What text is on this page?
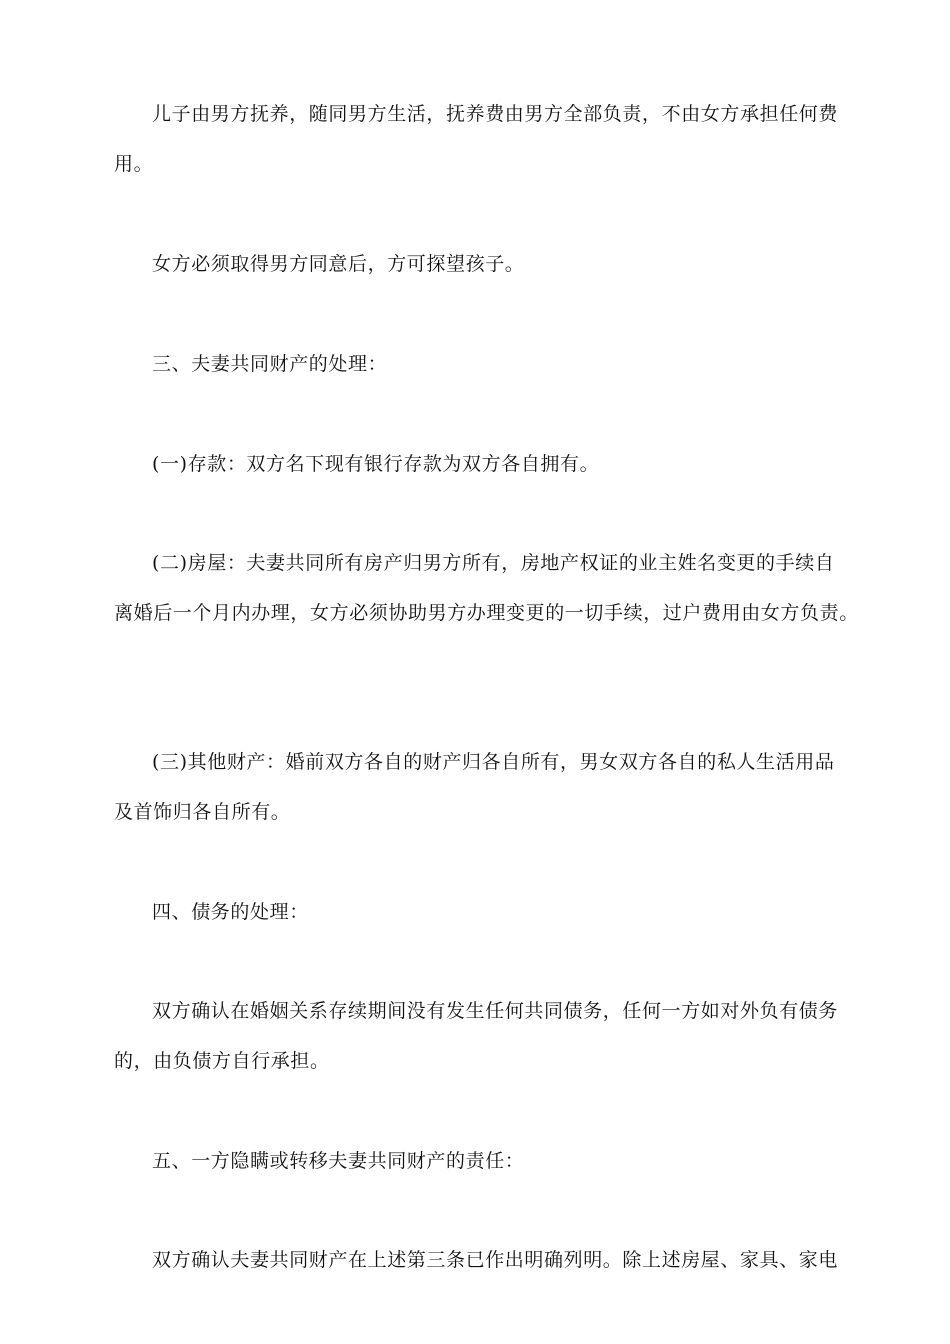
儿子由男方抚养，随同男方生活，抚养费由男方全部负责，不由女方承担任何费
用。
女方必须取得男方同意后，方可探望孩子。
三、夫妻共同财产的处理：
(一)存款：双方名下现有银行存款为双方各自拥有。
(二)房屋：夫妻共同所有房产归男方所有，房地产权证的业主姓名变更的手续自
离婚后一个月内办理，女方必须协助男方办理变更的一切手续，过户费用由女方负责。
(三)其他财产：婚前双方各自的财产归各自所有，男女双方各自的私人生活用品
及首饰归各自所有。
四、债务的处理：
双方确认在婚姻关系存续期间没有发生任何共同债务，任何一方如对外负有债务
的，由负债方自行承担。
五、一方隐瞒或转移夫妻共同财产的责任：
双方确认夫妻共同财产在上述第三条已作出明确列明。除上述房屋、家具、家电
